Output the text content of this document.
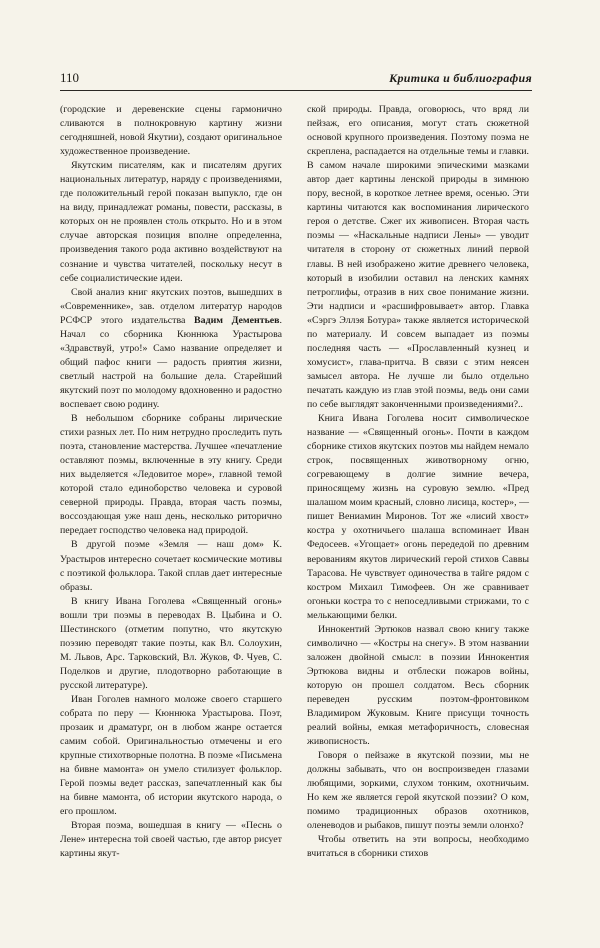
110	Критика и библиография

(городские и деревенские сцены гармонично сливаются в полнокровную картину жизни сегодняшней, новой Якутии), создают оригинальное художественное произведение.

Якутским писателям, как и писателям других национальных литератур, наряду с произведениями, где положительный герой показан выпукло, где он на виду, принадлежат романы, повести, рассказы, в которых он не проявлен столь открыто. Но и в этом случае авторская позиция вполне определенна, произведения такого рода активно воздействуют на сознание и чувства читателей, поскольку несут в себе социалистические идеи.

Свой анализ книг якутских поэтов, вышедших в «Современнике», зав. отделом литератур народов РСФСР этого издательства Вадим Дементьев. Начал со сборника Кюннюка Урастырова «Здравствуй, утро!» Само название определяет и общий пафос книги — радость приятия жизни, светлый настрой на большие дела. Старейший якутский поэт по молодому вдохновенно и радостно воспевает свою родину.

В небольшом сборнике собраны лирические стихи разных лет. По ним нетрудно проследить путь поэта, становление мастерства. Лучшее «печатление оставляют поэмы, включенные в эту книгу. Среди них выделяется «Ледовитое море», главной темой которой стало единоборство человека и суровой северной природы. Правда, вторая часть поэмы, воссоздающая уже наш день, несколько риторично передает господство человека над природой.

В другой поэме «Земля — наш дом» К. Урастыров интересно сочетает космические мотивы с поэтикой фольклора. Такой сплав дает интересные образы.

В книгу Ивана Гоголева «Священный огонь» вошли три поэмы в переводах В. Цыбина и О. Шестинского (отметим попутно, что якутскую поэзию переводят такие поэты, как Вл. Солоухин, М. Львов, Арс. Тарковский, Вл. Жуков, Ф. Чуев, С. Поделков и другие, плодотворно работающие в русской литературе).

Иван Гоголев намного моложе своего старшего собрата по перу — Кюннюка Урастырова. Поэт, прозаик и драматург, он в любом жанре остается самим собой. Оригинальностью отмечены и его крупные стихотворные полотна. В поэме «Письмена на бивне мамонта» он умело стилизует фольклор. Герой поэмы ведет рассказ, запечатленный как бы на бивне мамонта, об истории якутского народа, о его прошлом.

Вторая поэма, вошедшая в книгу — «Песнь о Лене» интересна той своей частью, где автор рисует картины якут-

ской природы. Правда, оговорюсь, что вряд ли пейзаж, его описания, могут стать сюжетной основой крупного произведения. Поэтому поэма не скреплена, распадается на отдельные темы и главки. В самом начале широкими эпическими мазками автор дает картины ленской природы в зимнюю пору, весной, в короткое летнее время, осенью. Эти картины читаются как воспоминания лирического героя о детстве. Сжег их живописен. Вторая часть поэмы — «Наскальные надписи Лены» — уводит читателя в сторону от сюжетных линий первой главы. В ней изображено житие древнего человека, который в изобилии оставил на ленских камнях петроглифы, отразив в них свое понимание жизни. Эти надписи и «расшифровывает» автор. Главка «Сэргэ Эллэя Ботура» также является исторической по материалу. И совсем выпадает из поэмы последняя часть — «Прославленный кузнец и хомусист», глава-притча. В связи с этим неясен замысел автора. Не лучше ли было отдельно печатать каждую из глав этой поэмы, ведь они сами по себе выглядят законченными произведениями?..

Книга Ивана Гоголева носит символическое название — «Священный огонь». Почти в каждом сборнике стихов якутских поэтов мы найдем немало строк, посвященных животворному огню, согревающему в долгие зимние вечера, приносящему жизнь на суровую землю. «Пред шалашом моим красный, словно лисица, костер», — пишет Вениамин Миронов. Тот же «лисий хвост» костра у охотничьего шалаша вспоминает Иван Федосеев. «Угощает» огонь передедой по древним верованиям якутов лирический герой стихов Саввы Тарасова. Не чувствует одиночества в тайге рядом с костром Михаил Тимофеев. Он же сравнивает огоньки костра то с непоседливыми стрижами, то с мелькающими белки.

Иннокентий Эртюков назвал свою книгу также символично — «Костры на снегу». В этом названии заложен двойной смысл: в поэзии Иннокентия Эртюкова видны и отблески пожаров войны, которую он прошел солдатом. Весь сборник переведен русским поэтом-фронтовиком Владимиром Жуковым. Книге присущи точность реалий войны, емкая метафоричность, словесная живописность.

Говоря о пейзаже в якутской поэзии, мы не должны забывать, что он воспроизведен глазами любящими, зоркими, слухом тонким, охотничьим. Но кем же является герой якутской поэзии? О ком, помимо традиционных образов охотников, оленеводов и рыбаков, пишут поэты земли олонхо?

Чтобы ответить на эти вопросы, необходимо вчитаться в сборники стихов
